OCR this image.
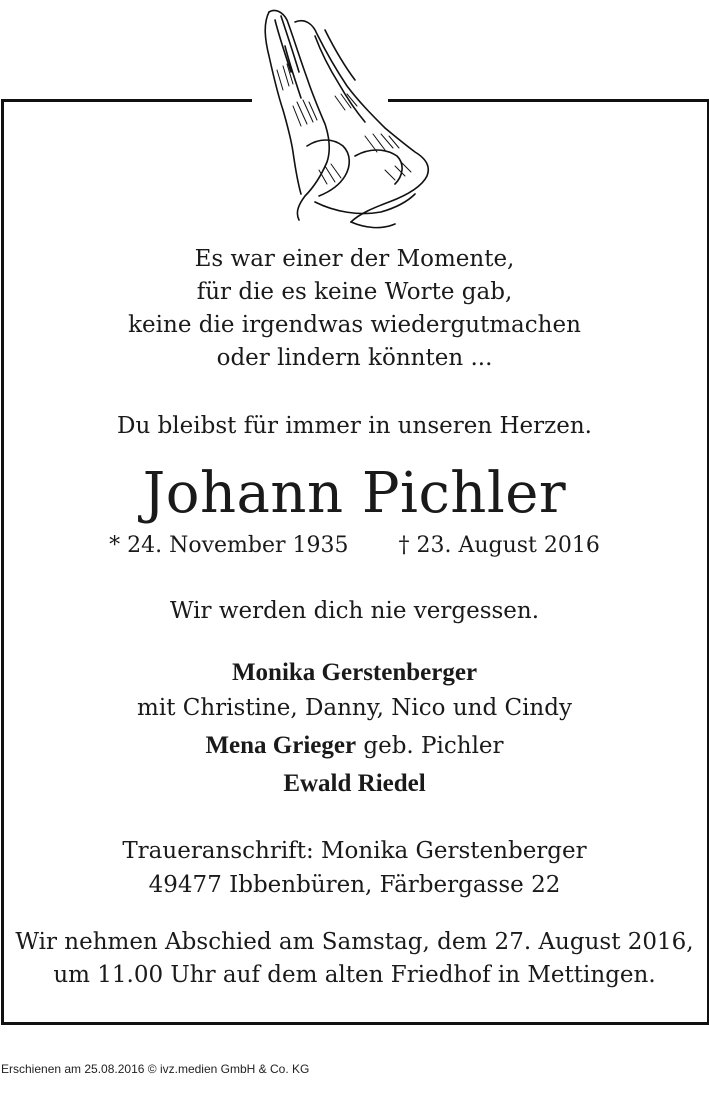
Es war einer der Momente,
für die es keine Worte gab,
keine die irgendwas wiedergutmachen
oder lindern könnten ...
Du bleibst für immer in unseren Herzen.
Johann Pichler
* 24. November 1935 † 23. August 2016
Wir werden dich nie vergessen.
Monika Gerstenberger
mit Christine, Danny, Nico und Cindy
Mena Grieger geb. Pichler
Ewald Riedel
Traueranschrift: Monika Gerstenberger
49477 Ibbenbüren, Färbergasse 22
Wir nehmen Abschied am Samstag, dem 27. August 2016,
um 11.00 Uhr auf dem alten Friedhof in Mettingen.
Erschienen am 25.08.2016 © ivz.medien GmbH & Co. KG
